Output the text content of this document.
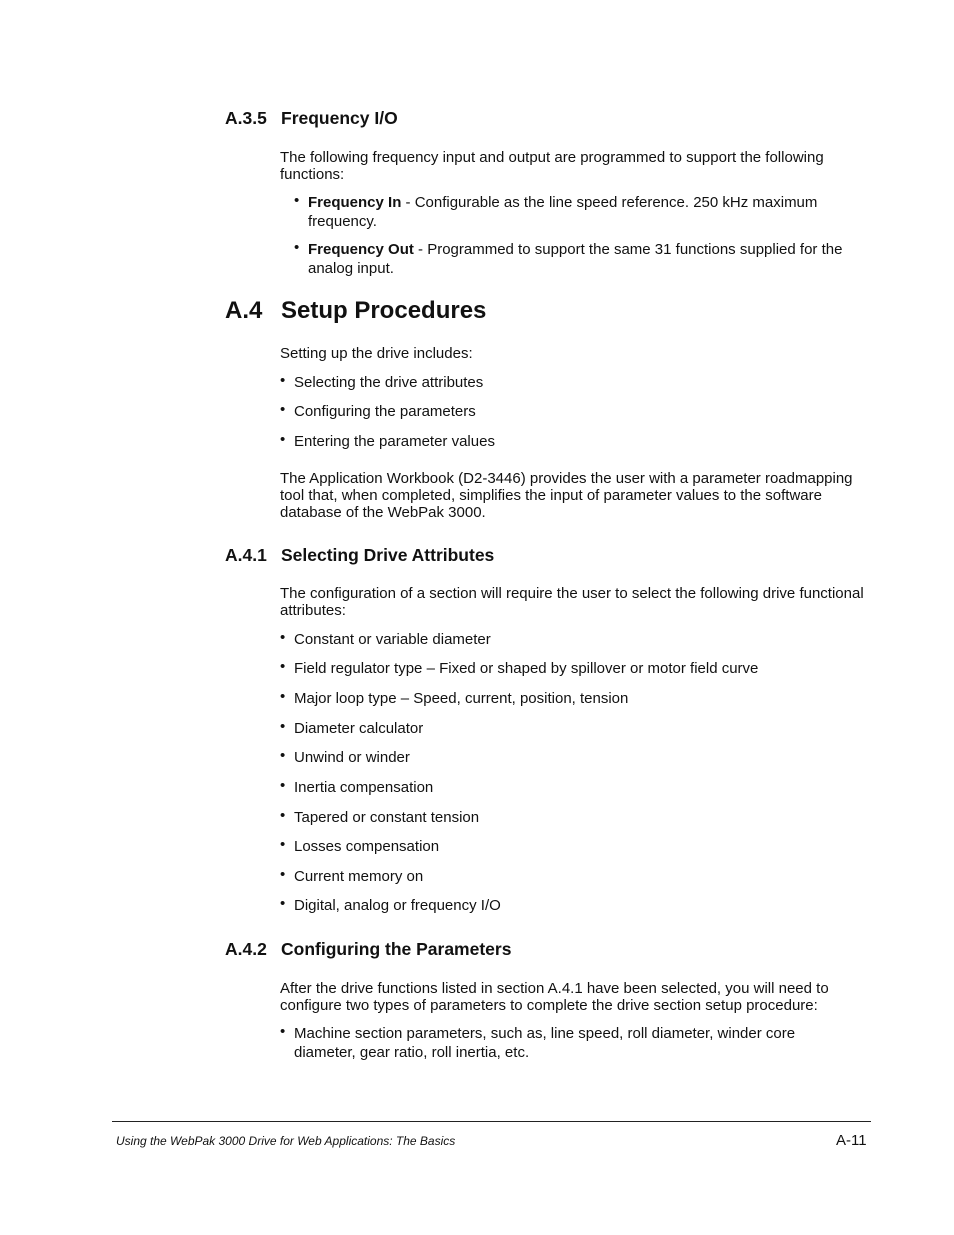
A.3.5 Frequency I/O

The following frequency input and output are programmed to support the following functions:

• Frequency In - Configurable as the line speed reference. 250 kHz maximum frequency.
• Frequency Out - Programmed to support the same 31 functions supplied for the analog input.
A.4 Setup Procedures

Setting up the drive includes:

• Selecting the drive attributes
• Configuring the parameters
• Entering the parameter values

The Application Workbook (D2-3446) provides the user with a parameter roadmapping tool that, when completed, simplifies the input of parameter values to the software database of the WebPak 3000.

A.4.1 Selecting Drive Attributes

The configuration of a section will require the user to select the following drive functional attributes:

• Constant or variable diameter
• Field regulator type – Fixed or shaped by spillover or motor field curve
• Major loop type – Speed, current, position, tension
• Diameter calculator
• Unwind or winder
• Inertia compensation
• Tapered or constant tension
• Losses compensation
• Current memory on
• Digital, analog or frequency I/O
A.4.2 Configuring the Parameters

After the drive functions listed in section A.4.1 have been selected, you will need to configure two types of parameters to complete the drive section setup procedure:

• Machine section parameters, such as, line speed, roll diameter, winder core diameter, gear ratio, roll inertia, etc.
Using the WebPak 3000 Drive for Web Applications: The Basics	A-11
